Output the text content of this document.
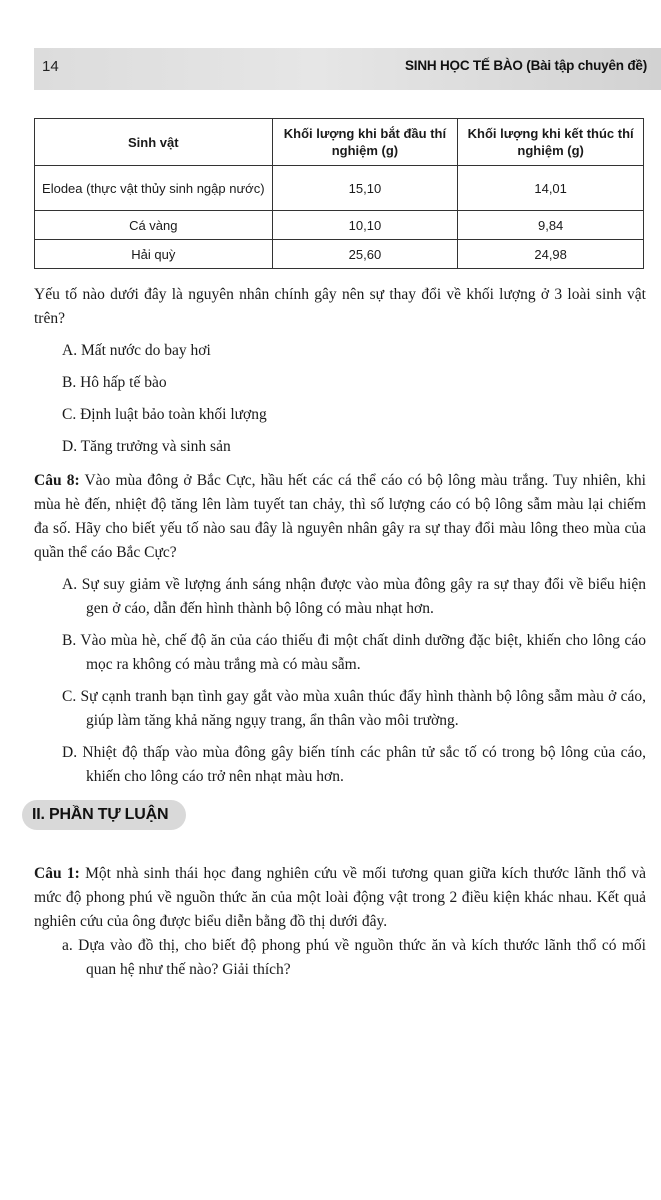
14	SINH HỌC TẾ BÀO (Bài tập chuyên đề)
Sinh vật	Khối lượng khi bắt đầu thí nghiệm (g)	Khối lượng khi kết thúc thí nghiệm (g)
Elodea (thực vật thủy sinh ngập nước)	15,10	14,01
Cá vàng	10,10	9,84
Hải quỳ	25,60	24,98

Yếu tố nào dưới đây là nguyên nhân chính gây nên sự thay đổi về khối lượng ở 3 loài sinh vật trên?

A. Mất nước do bay hơi

B. Hô hấp tế bào

C. Định luật bảo toàn khối lượng

D. Tăng trưởng và sinh sản

Câu 8: Vào mùa đông ở Bắc Cực, hầu hết các cá thể cáo có bộ lông màu trắng. Tuy nhiên, khi mùa hè đến, nhiệt độ tăng lên làm tuyết tan chảy, thì số lượng cáo có bộ lông sẫm màu lại chiếm đa số. Hãy cho biết yếu tố nào sau đây là nguyên nhân gây ra sự thay đổi màu lông theo mùa của quần thể cáo Bắc Cực?

A. Sự suy giảm về lượng ánh sáng nhận được vào mùa đông gây ra sự thay đổi về biểu hiện gen ở cáo, dẫn đến hình thành bộ lông có màu nhạt hơn.

B. Vào mùa hè, chế độ ăn của cáo thiếu đi một chất dinh dưỡng đặc biệt, khiến cho lông cáo mọc ra không có màu trắng mà có màu sẫm.

C. Sự cạnh tranh bạn tình gay gắt vào mùa xuân thúc đẩy hình thành bộ lông sẫm màu ở cáo, giúp làm tăng khả năng ngụy trang, ẩn thân vào môi trường.

D. Nhiệt độ thấp vào mùa đông gây biến tính các phân tử sắc tố có trong bộ lông của cáo, khiến cho lông cáo trở nên nhạt màu hơn.

II. PHẦN TỰ LUẬN

Câu 1: Một nhà sinh thái học đang nghiên cứu về mối tương quan giữa kích thước lãnh thổ và mức độ phong phú về nguồn thức ăn của một loài động vật trong 2 điều kiện khác nhau. Kết quả nghiên cứu của ông được biểu diễn bằng đồ thị dưới đây.

a. Dựa vào đồ thị, cho biết độ phong phú về nguồn thức ăn và kích thước lãnh thổ có mối quan hệ như thế nào? Giải thích?
